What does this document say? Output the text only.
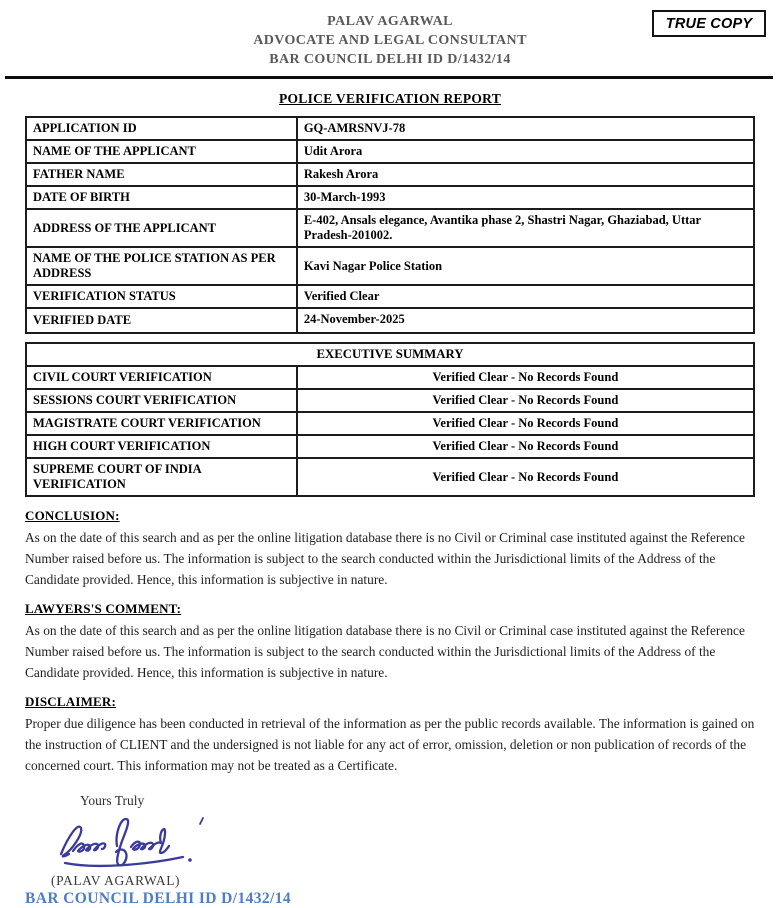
TRUE COPY
PALAV AGARWAL
ADVOCATE AND LEGAL CONSULTANT
BAR COUNCIL DELHI ID D/1432/14
POLICE VERIFICATION REPORT
APPLICATION ID	GQ-AMRSNVJ-78
NAME OF THE APPLICANT	Udit Arora
FATHER NAME	Rakesh Arora
DATE OF BIRTH	30-March-1993
ADDRESS OF THE APPLICANT	E-402, Ansals elegance, Avantika phase 2, Shastri Nagar, Ghaziabad, Uttar Pradesh-201002.
NAME OF THE POLICE STATION AS PER ADDRESS	Kavi Nagar Police Station
VERIFICATION STATUS	Verified Clear
VERIFIED DATE	24-November-2025
EXECUTIVE SUMMARY	
CIVIL COURT VERIFICATION	Verified Clear - No Records Found
SESSIONS COURT VERIFICATION	Verified Clear - No Records Found
MAGISTRATE COURT VERIFICATION	Verified Clear - No Records Found
HIGH COURT VERIFICATION	Verified Clear - No Records Found
SUPREME COURT OF INDIA VERIFICATION	Verified Clear - No Records Found
CONCLUSION:

As on the date of this search and as per the online litigation database there is no Civil or Criminal case instituted against the Reference Number raised before us. The information is subject to the search conducted within the Jurisdictional limits of the Address of the Candidate provided. Hence, this information is subjective in nature.

LAWYERS'S COMMENT:

As on the date of this search and as per the online litigation database there is no Civil or Criminal case instituted against the Reference Number raised before us. The information is subject to the search conducted within the Jurisdictional limits of the Address of the Candidate provided. Hence, this information is subjective in nature.

DISCLAIMER:

Proper due diligence has been conducted in retrieval of the information as per the public records available. The information is gained on the instruction of CLIENT and the undersigned is not liable for any act of error, omission, deletion or non publication of records of the concerned court. This information may not be treated as a Certificate.

Yours Truly
(PALAV AGARWAL)
BAR COUNCIL DELHI ID D/1432/14
